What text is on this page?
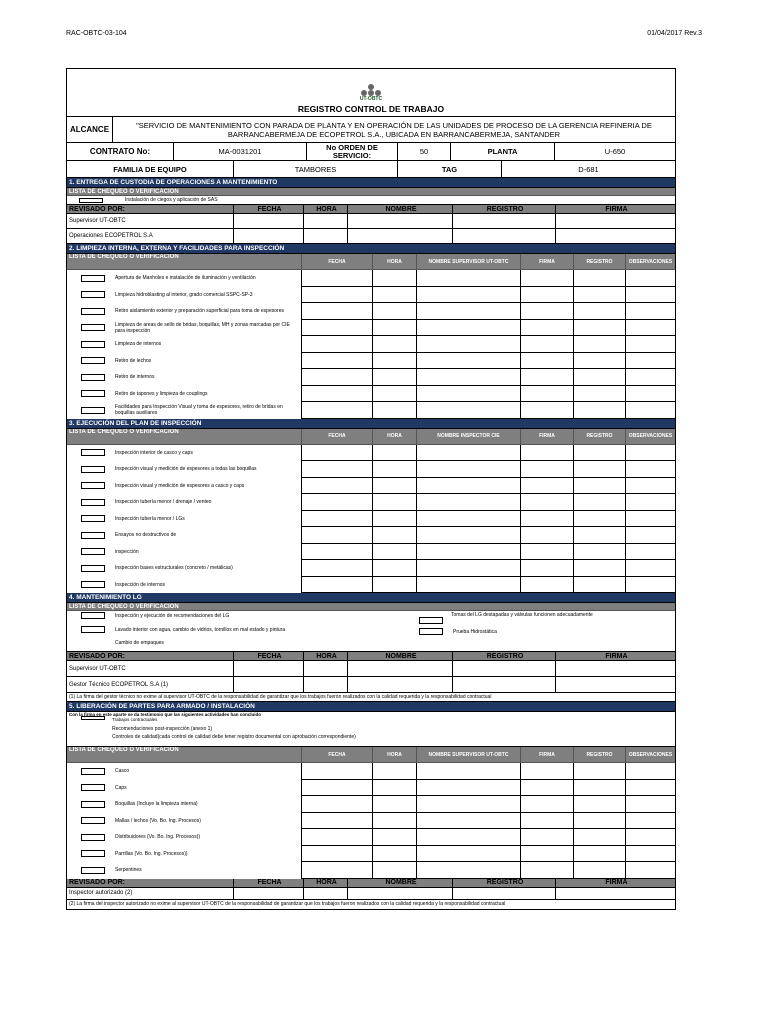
RAC-OBTC-03-104	01/04/2017 Rev.3
UT-OBTC
REGISTRO CONTROL DE TRABAJO
ALCANCE	"SERVICIO DE MANTENIMIENTO CON PARADA DE PLANTA Y EN OPERACIÓN DE LAS UNIDADES DE PROCESO DE LA GERENCIA REFINERIA DE BARRANCABERMEJA DE ECOPETROL S.A., UBICADA EN BARRANCABERMEJA, SANTANDER
CONTRATO No:	MA-0031201	No ORDEN DE SERVICIO:	50	PLANTA	U-650
FAMILIA DE EQUIPO	TAMBORES	TAG	D-681
1. ENTREGA DE CUSTODIA DE OPERACIONES A MANTENIMIENTO
LISTA DE CHEQUEO O VERIFICACIÓN
Instalación de ciegos y aplicación de SAS
REVISADO POR:	FECHA	HORA	NOMBRE	REGISTRO	FIRMA
Supervisor UT-OBTC
Operaciones ECOPETROL S.A
2. LIMPIEZA INTERNA, EXTERNA Y FACILIDADES PARA INSPECCIÓN
LISTA DE CHEQUEO O VERIFICACIÓN
FECHA	HORA	NOMBRE SUPERVISOR UT-OBTC	FIRMA	REGISTRO	OBSERVACIONES
Apertura de Manholes e instalación de iluminación y ventilación
Limpieza hidroblasting al interior, grado comercial SSPC-SP-3
Retiro aislamiento exterior y preparación superficial para toma de espesores
Limpieza de areas de sello de bridas, boquillas, MH y zonas marcadas por CIE para inspección
Limpieza de internos
Retiro de lechos
Retiro de internos
Retiro de tapones y limpieza de couplings
Facilidades para Inspección Visual y toma de espesores, retiro de bridas en boquillas auxiliares
3. EJECUCIÓN DEL PLAN DE INSPECCIÓN
LISTA DE CHEQUEO O VERIFICACIÓN
FECHA	HORA	NOMBRE INSPECTOR CIE	FIRMA	REGISTRO	OBSERVACIONES
Inspección interior de casco y caps
Inspección visual y medición de espesores a todas las boquillas
Inspección visual y medición de espesores a casco y caps
Inspección tubería menor / drenaje / venteo
Inspección tubería menor / LGs
Ensayos no destructivos de
inspección
Inspección bases estructurales (concreto / metálicas)
Inspección de internos
4. MANTENIMIENTO LG
LISTA DE CHEQUEO O VERIFICACIÓN
Inspección y ejecución de recomendaciones del LG
Lavado interior con agua, cambio de vidrios, tornillos en mal estado y pintura
Cambio de empaques
Tomas del LG destapadas y válvulas funcionen adecuadamente
Prueba Hidrostática
REVISADO POR:	FECHA	HORA	NOMBRE	REGISTRO	FIRMA
Supervisor UT-OBTC
Gestor Técnico ECOPETROL S.A (1)
(1) La firma del gestor técnico no exime al supervisor UT-OBTC de la responsabilidad de garantizar que los trabajos fueron realizados con la calidad requerida y la responsabilidad contractual
5. LIBERACIÓN DE PARTES PARA ARMADO / INSTALACIÓN
Con la firma en este aparte se da testimonio que las siguientes actividades han concluido
Trabajos contractuales
Recomendaciones post-inspección (anexo 1)
Controles de calidad(cada control de calidad debe tener registro documental con aprobación correspondiente)
LISTA DE CHEQUEO O VERIFICACIÓN
FECHA	HORA	NOMBRE SUPERVISOR UT-OBTC	FIRMA	REGISTRO	OBSERVACIONES
Casco
Caps
Boquillas (Incluye la limpieza interna)
Mallas / lechos (Vo. Bo. Ing. Procesos)
Distribuidores (Vo. Bo. Ing. Procesos))
Parrillas (Vo. Bo. Ing. Procesos))
Serpentines
REVISADO POR:	FECHA	HORA	NOMBRE	REGISTRO	FIRMA
Inspector autorizado (2)
(2) La firma del inspector autorizado no exime al supervisor UT-OBTC de la responsabilidad de garantizar que los trabajos fueron realizados con la calidad requerida y la responsabilidad contractual
